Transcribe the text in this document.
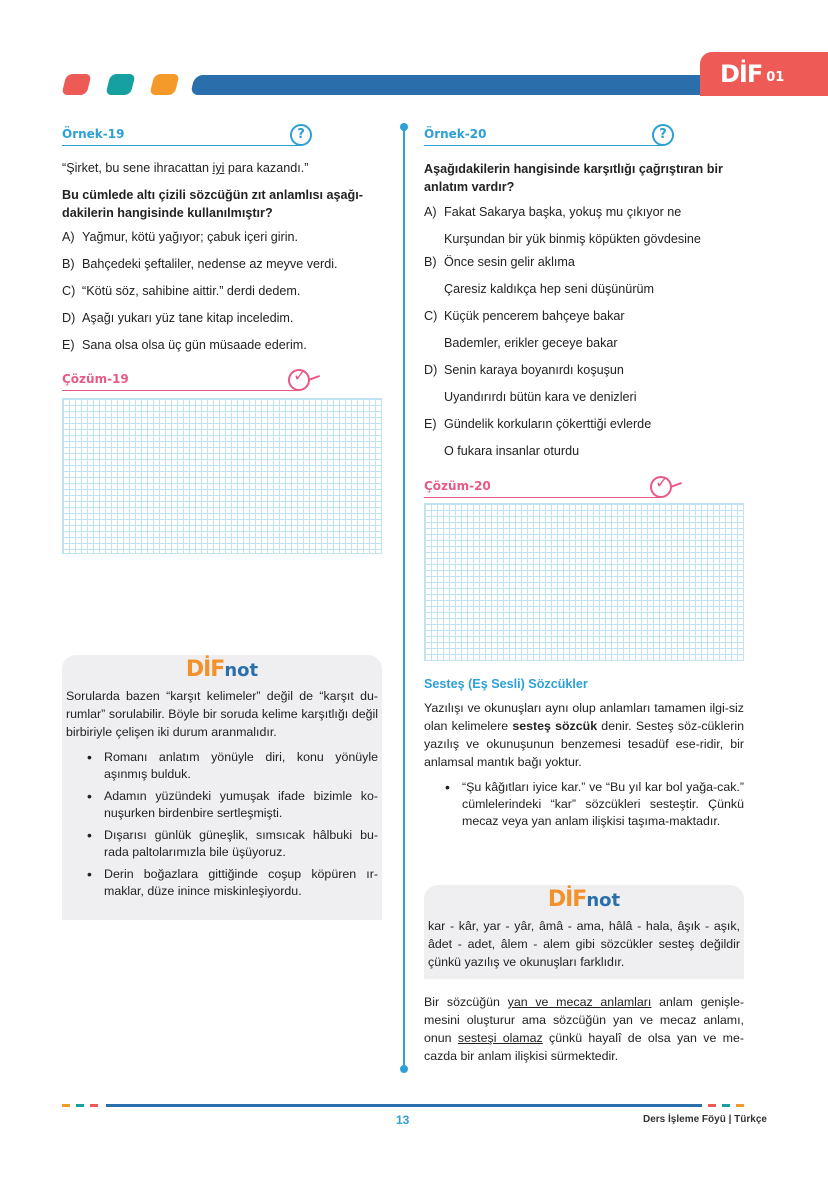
DİF 01
Örnek-19	?
“Şirket, bu sene ihracattan iyi para kazandı.”
Bu cümlede altı çizili sözcüğün zıt anlamlısı aşağı-dakilerin hangisinde kullanılmıştır?
A) Yağmur, kötü yağıyor; çabuk içeri girin.
B) Bahçedeki şeftaliler, nedense az meyve verdi.
C) “Kötü söz, sahibine aittir.” derdi dedem.
D) Aşağı yukarı yüz tane kitap inceledim.
E) Sana olsa olsa üç gün müsaade ederim.
Çözüm-19	✓
DİFnot
Sorularda bazen “karşıt kelimeler” değil de “karşıt du-rumlar” sorulabilir. Böyle bir soruda kelime karşıtlığı değil birbiriyle çelişen iki durum aranmalıdır.
• Romanı anlatım yönüyle diri, konu yönüyle aşınmış bulduk.
• Adamın yüzündeki yumuşak ifade bizimle ko-nuşurken birdenbire sertleşmişti.
• Dışarısı günlük güneşlik, sımsıcak hâlbuki bu-rada paltolarımızla bile üşüyoruz.
• Derin boğazlara gittiğinde coşup köpüren ır-maklar, düze inince miskinleşiyordu.
Örnek-20	?
Aşağıdakilerin hangisinde karşıtlığı çağrıştıran bir anlatım vardır?
A) Fakat Sakarya başka, yokuş mu çıkıyor ne
Kurşundan bir yük binmiş köpükten gövdesine
B) Önce sesin gelir aklıma
Çaresiz kaldıkça hep seni düşünürüm
C) Küçük pencerem bahçeye bakar
Bademler, erikler geceye bakar
D) Senin karaya boyanırdı koşuşun
Uyandırırdı bütün kara ve denizleri
E) Gündelik korkuların çökerttiği evlerde
O fukara insanlar oturdu
Çözüm-20	✓
Sesteş (Eş Sesli) Sözcükler
Yazılışı ve okunuşları aynı olup anlamları tamamen ilgi-siz olan kelimelere sesteş sözcük denir. Sesteş söz-cüklerin yazılış ve okunuşunun benzemesi tesadüf ese-ridir, bir anlamsal mantık bağı yoktur.
• “Şu kâğıtları iyice kar.” ve “Bu yıl kar bol yağa-cak.” cümlelerindeki “kar” sözcükleri sesteştir. Çünkü mecaz veya yan anlam ilişkisi taşıma-maktadır.
DİFnot
kar - kâr, yar - yâr, âmâ - ama, hâlâ - hala, âşık - aşık, âdet - adet, âlem - alem gibi sözcükler sesteş değildir çünkü yazılış ve okunuşları farklıdır.
Bir sözcüğün yan ve mecaz anlamları anlam genişle-mesini oluşturur ama sözcüğün yan ve mecaz anlamı, onun sesteşi olamaz çünkü hayalî de olsa yan ve me-cazda bir anlam ilişkisi sürmektedir.
13	Ders İşleme Föyü | Türkçe
